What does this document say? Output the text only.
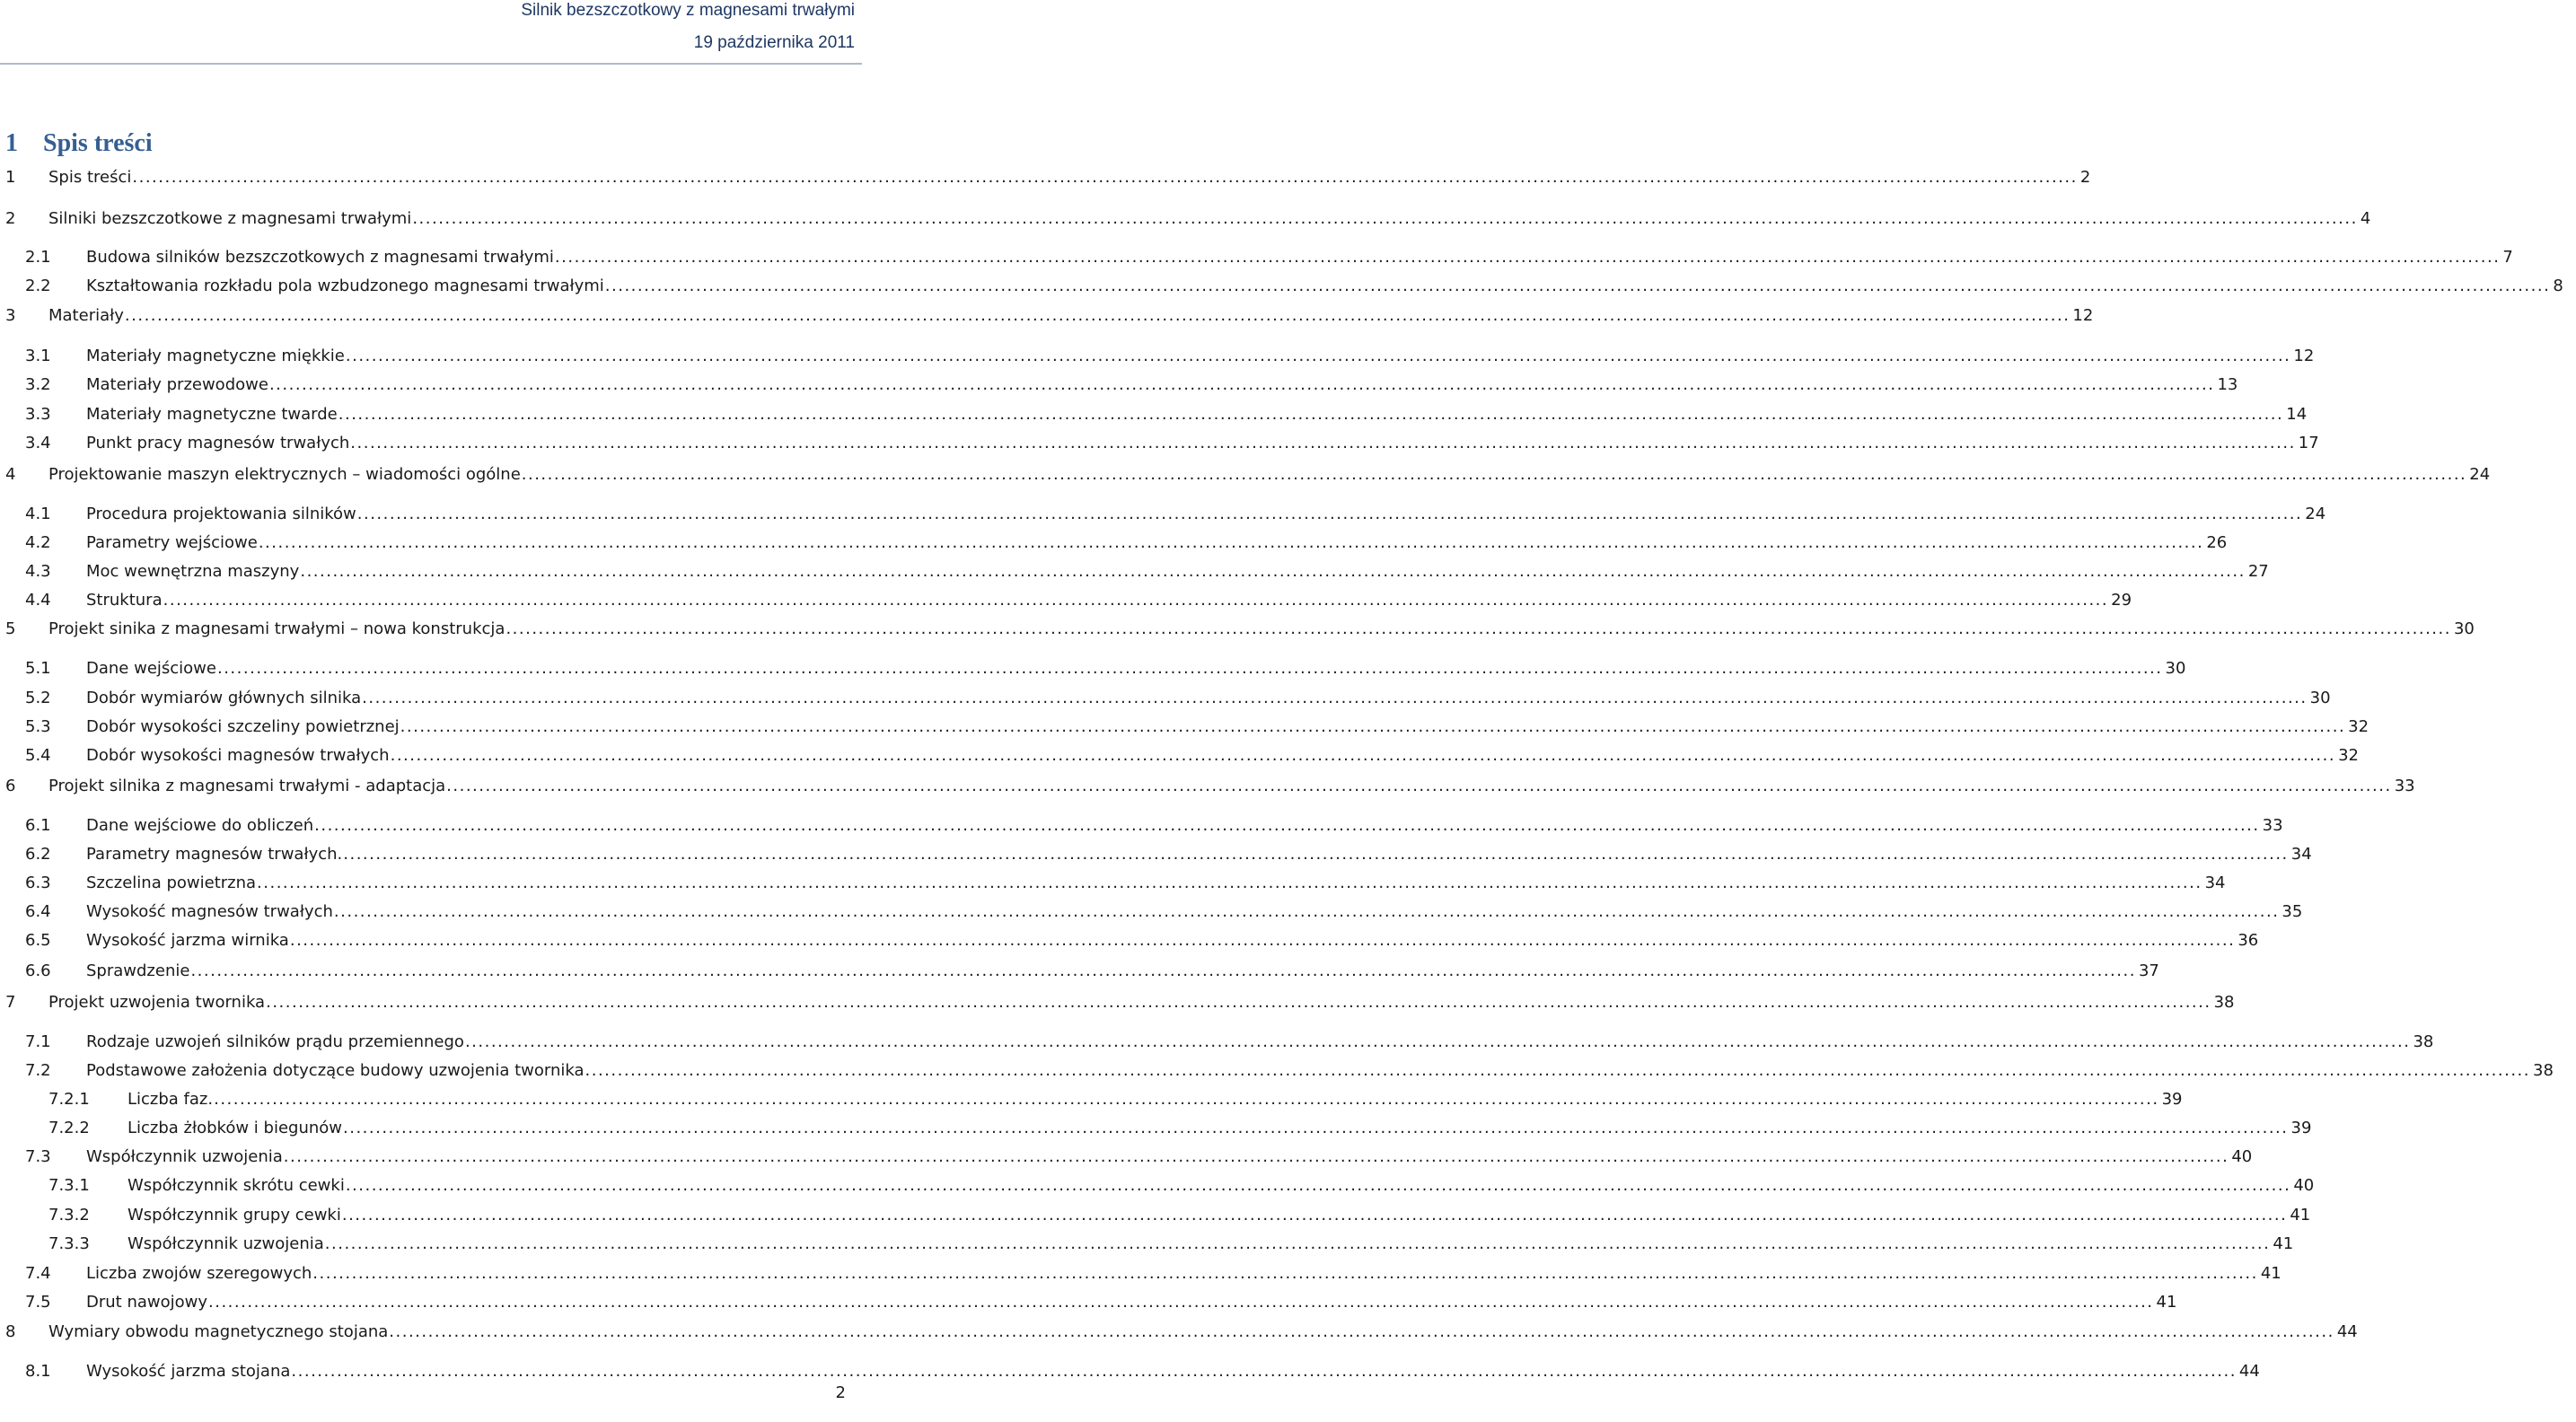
Silnik bezszczotkowy z magnesami trwałymi
19 października 2011
1 Spis treści
1 Spis treści ............................................................................................................................................................................................................................................................................................................ 2
2 Silniki bezszczotkowe z magnesami trwałymi ............................................................................................................................................................................................................................................................................................................ 4
2.1 Budowa silników bezszczotkowych z magnesami trwałymi ............................................................................................................................................................................................................................................................................................................ 7
2.2 Kształtowania rozkładu pola wzbudzonego magnesami trwałymi ............................................................................................................................................................................................................................................................................................................ 8
3 Materiały ............................................................................................................................................................................................................................................................................................................ 12
3.1 Materiały magnetyczne miękkie ............................................................................................................................................................................................................................................................................................................ 12
3.2 Materiały przewodowe ............................................................................................................................................................................................................................................................................................................ 13
3.3 Materiały magnetyczne twarde ............................................................................................................................................................................................................................................................................................................ 14
3.4 Punkt pracy magnesów trwałych ............................................................................................................................................................................................................................................................................................................ 17
4 Projektowanie maszyn elektrycznych – wiadomości ogólne ............................................................................................................................................................................................................................................................................................................ 24
4.1 Procedura projektowania silników ............................................................................................................................................................................................................................................................................................................ 24
4.2 Parametry wejściowe ............................................................................................................................................................................................................................................................................................................ 26
4.3 Moc wewnętrzna maszyny ............................................................................................................................................................................................................................................................................................................ 27
4.4 Struktura ............................................................................................................................................................................................................................................................................................................ 29
5 Projekt sinika z magnesami trwałymi – nowa konstrukcja ............................................................................................................................................................................................................................................................................................................ 30
5.1 Dane wejściowe ............................................................................................................................................................................................................................................................................................................ 30
5.2 Dobór wymiarów głównych silnika ............................................................................................................................................................................................................................................................................................................ 30
5.3 Dobór wysokości szczeliny powietrznej ............................................................................................................................................................................................................................................................................................................ 32
5.4 Dobór wysokości magnesów trwałych ............................................................................................................................................................................................................................................................................................................ 32
6 Projekt silnika z magnesami trwałymi - adaptacja ............................................................................................................................................................................................................................................................................................................ 33
6.1 Dane wejściowe do obliczeń ............................................................................................................................................................................................................................................................................................................ 33
6.2 Parametry magnesów trwałych. ............................................................................................................................................................................................................................................................................................................ 34
6.3 Szczelina powietrzna ............................................................................................................................................................................................................................................................................................................ 34
6.4 Wysokość magnesów trwałych ............................................................................................................................................................................................................................................................................................................ 35
6.5 Wysokość jarzma wirnika ............................................................................................................................................................................................................................................................................................................ 36
6.6 Sprawdzenie ............................................................................................................................................................................................................................................................................................................ 37
7 Projekt uzwojenia twornika ............................................................................................................................................................................................................................................................................................................ 38
7.1 Rodzaje uzwojeń silników prądu przemiennego ............................................................................................................................................................................................................................................................................................................ 38
7.2 Podstawowe założenia dotyczące budowy uzwojenia twornika ............................................................................................................................................................................................................................................................................................................ 38
7.2.1 Liczba faz. ............................................................................................................................................................................................................................................................................................................ 39
7.2.2 Liczba żłobków i biegunów ............................................................................................................................................................................................................................................................................................................ 39
7.3 Współczynnik uzwojenia ............................................................................................................................................................................................................................................................................................................ 40
7.3.1 Współczynnik skrótu cewki ............................................................................................................................................................................................................................................................................................................ 40
7.3.2 Współczynnik grupy cewki ............................................................................................................................................................................................................................................................................................................ 41
7.3.3 Współczynnik uzwojenia ............................................................................................................................................................................................................................................................................................................ 41
7.4 Liczba zwojów szeregowych ............................................................................................................................................................................................................................................................................................................ 41
7.5 Drut nawojowy ............................................................................................................................................................................................................................................................................................................ 41
8 Wymiary obwodu magnetycznego stojana ............................................................................................................................................................................................................................................................................................................ 44
8.1 Wysokość jarzma stojana ............................................................................................................................................................................................................................................................................................................ 44
2
